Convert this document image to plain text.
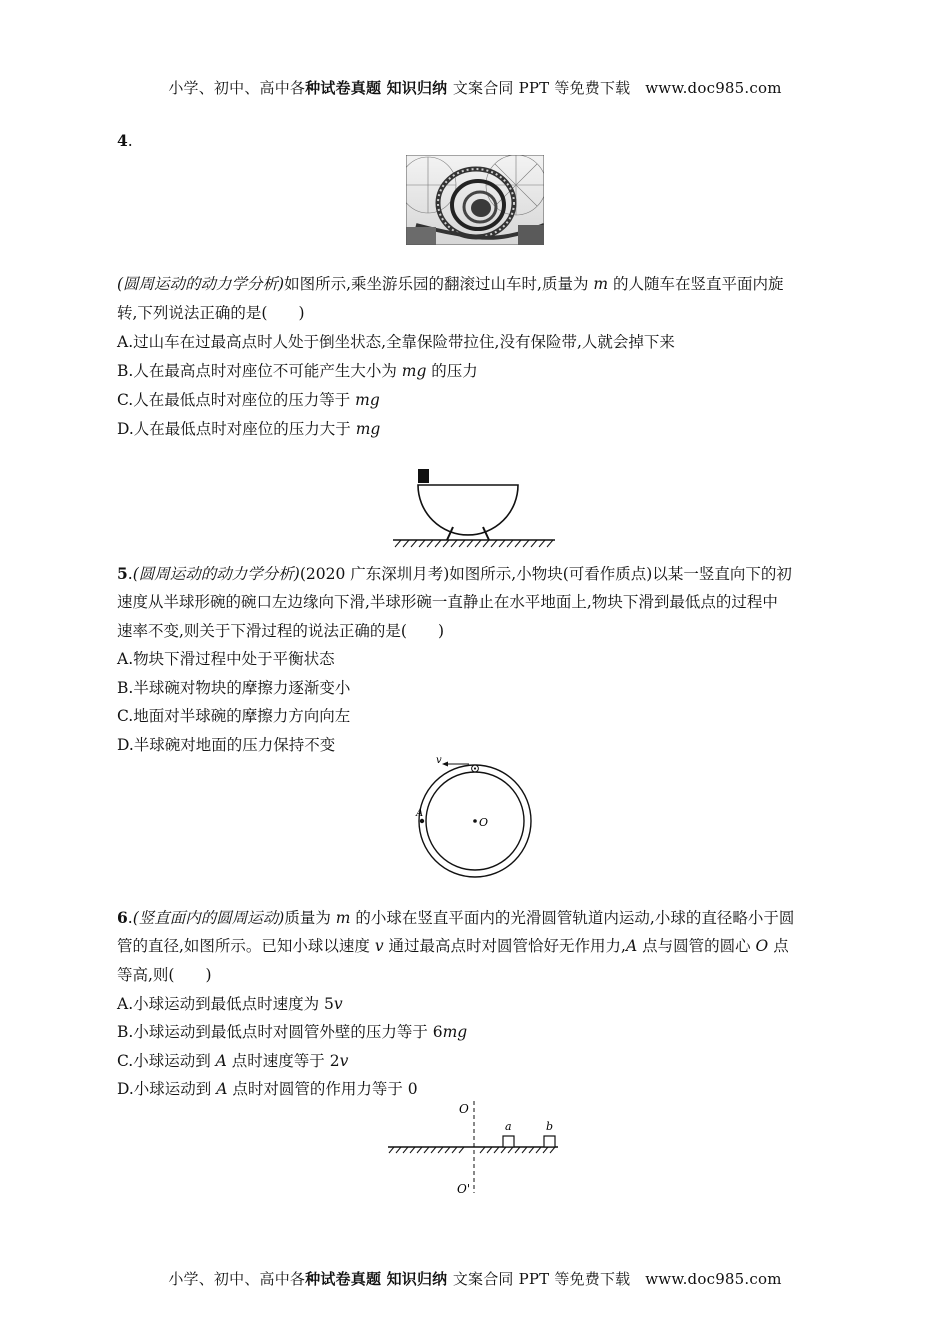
小学、初中、高中各种试卷真题 知识归纳 文案合同 PPT 等免费下载 www.doc985.com
4.
(圆周运动的动力学分析)如图所示,乘坐游乐园的翻滚过山车时,质量为 m 的人随车在竖直平面内旋
转,下列说法正确的是(　　)
A.过山车在过最高点时人处于倒坐状态,全靠保险带拉住,没有保险带,人就会掉下来
B.人在最高点时对座位不可能产生大小为 mg 的压力
C.人在最低点时对座位的压力等于 mg
D.人在最低点时对座位的压力大于 mg
5.(圆周运动的动力学分析)(2020 广东深圳月考)如图所示,小物块(可看作质点)以某一竖直向下的初
速度从半球形碗的碗口左边缘向下滑,半球形碗一直静止在水平地面上,物块下滑到最低点的过程中
速率不变,则关于下滑过程的说法正确的是(　　)
A.物块下滑过程中处于平衡状态
B.半球碗对物块的摩擦力逐渐变小
C.地面对半球碗的摩擦力方向向左
D.半球碗对地面的压力保持不变
v
A
O
6.(竖直面内的圆周运动)质量为 m 的小球在竖直平面内的光滑圆管轨道内运动,小球的直径略小于圆
管的直径,如图所示。已知小球以速度 v 通过最高点时对圆管恰好无作用力,A 点与圆管的圆心 O 点
等高,则(　　)
A.小球运动到最低点时速度为 5v
B.小球运动到最低点时对圆管外壁的压力等于 6mg
C.小球运动到 A 点时速度等于 2v
D.小球运动到 A 点时对圆管的作用力等于 0
O
O'
a	b
小学、初中、高中各种试卷真题 知识归纳 文案合同 PPT 等免费下载 www.doc985.com
